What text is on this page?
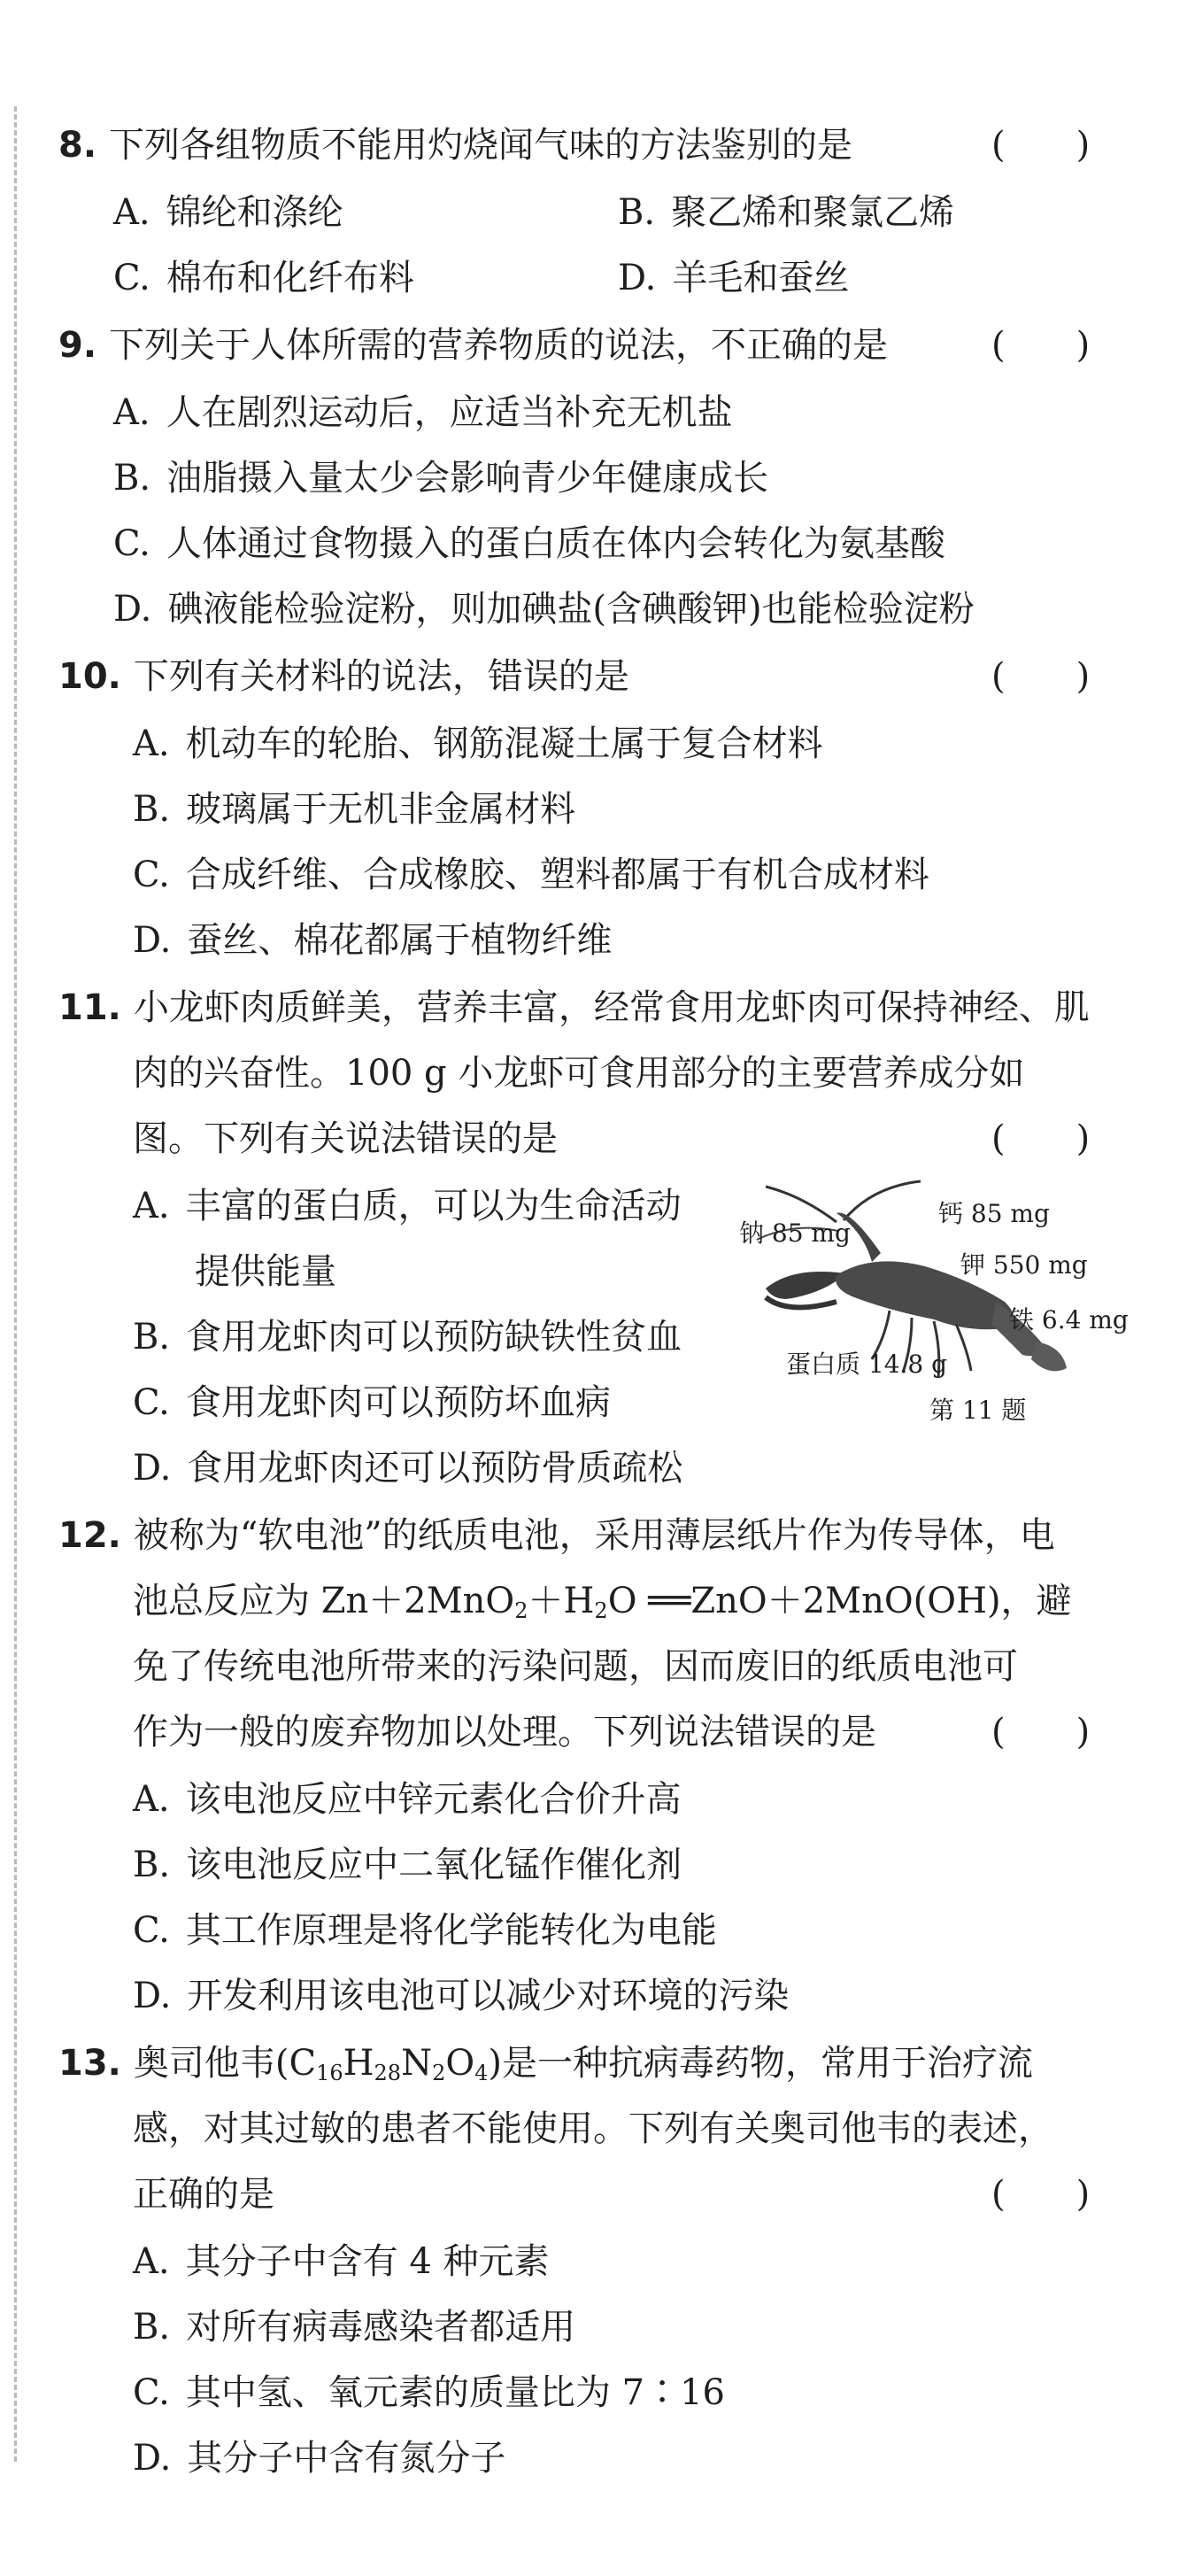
8. 下列各组物质不能用灼烧闻气味的方法鉴别的是	(　　)
A. 锦纶和涤纶	B. 聚乙烯和聚氯乙烯
C. 棉布和化纤布料	D. 羊毛和蚕丝
9. 下列关于人体所需的营养物质的说法，不正确的是	(　　)
A. 人在剧烈运动后，应适当补充无机盐
B. 油脂摄入量太少会影响青少年健康成长
C. 人体通过食物摄入的蛋白质在体内会转化为氨基酸
D. 碘液能检验淀粉，则加碘盐(含碘酸钾)也能检验淀粉
10. 下列有关材料的说法，错误的是	(　　)
A. 机动车的轮胎、钢筋混凝土属于复合材料
B. 玻璃属于无机非金属材料
C. 合成纤维、合成橡胶、塑料都属于有机合成材料
D. 蚕丝、棉花都属于植物纤维
11. 小龙虾肉质鲜美，营养丰富，经常食用龙虾肉可保持神经、肌
肉的兴奋性。100 g 小龙虾可食用部分的主要营养成分如
图。下列有关说法错误的是	(　　)
A. 丰富的蛋白质，可以为生命活动
提供能量
B. 食用龙虾肉可以预防缺铁性贫血
C. 食用龙虾肉可以预防坏血病
D. 食用龙虾肉还可以预防骨质疏松
钠 85 mg
钙 85 mg
钾 550 mg
铁 6.4 mg
蛋白质 14.8 g
第 11 题
12. 被称为“软电池”的纸质电池，采用薄层纸片作为传导体，电
池总反应为 $Zn+2MnO_2+H_2O$ ══ZnO＋2MnO(OH)，避
免了传统电池所带来的污染问题，因而废旧的纸质电池可
作为一般的废弃物加以处理。下列说法错误的是	(　　)
A. 该电池反应中锌元素化合价升高
B. 该电池反应中二氧化锰作催化剂
C. 其工作原理是将化学能转化为电能
D. 开发利用该电池可以减少对环境的污染
13. 奥司他韦$(C_{16}H_{28}N_2O_4)$是一种抗病毒药物，常用于治疗流
感，对其过敏的患者不能使用。下列有关奥司他韦的表述，
正确的是	(　　)
A. 其分子中含有 4 种元素
B. 对所有病毒感染者都适用
C. 其中氢、氧元素的质量比为 7∶16
D. 其分子中含有氮分子
